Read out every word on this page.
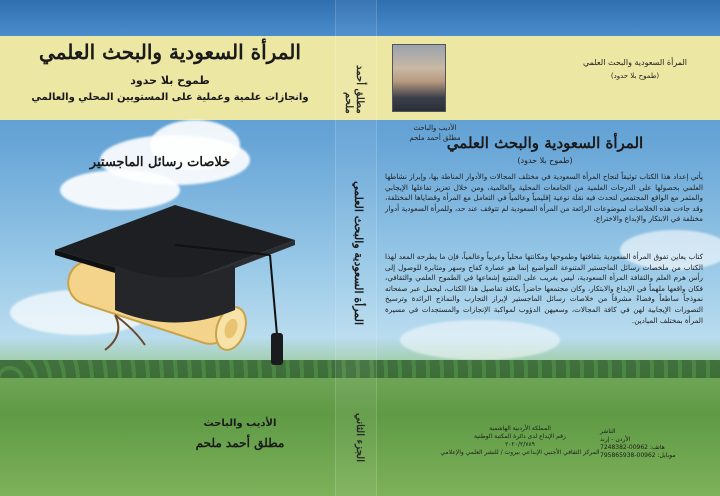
مطلق أحمد ملحم
المرأة السعودية والبحث العلمي
الجزء الثاني
المرأة السعودية والبحث العلمي
طموح بلا حدود
وانجازات علمية وعملية على المستويين المحلي والعالمي
خلاصات رسائل الماجستير
الأديب والباحث
مطلق أحمد ملحم
المرأة السعودية والبحث العلمي
(طموح بلا حدود)
الأديب والباحث
مطلق أحمد ملحم
المرأة السعودية والبحث العلمي
(طموح بلا حدود)
يأتي إعداد هذا الكتاب توثيقاً لنجاح المرأة السعودية في مختلف المجالات والأدوار المناطة بها، وإبراز نشاطها العلمي بحصولها على الدرجات العلمية من الجامعات المحلية والعالمية، ومن خلال تعزيز تفاعلها الإيجابي والمثمر مع الواقع المجتمعي لتحدث فيه نقلة نوعية إقليمياً وعالمياً في التعامل مع المرأة وقضاياها المختلفة، وقد جاءت هذه الخلاصات لموضوعات الرائعة من المرأة السعودية لم تتوقف عند حد، وللمرأة السعودية أدوار مختلفة في الابتكار والإبداع والاختراع.
كتاب يعاين تفوق المرأة السعودية بثقافتها وطموحها ومكانتها محلياً وعربياً وعالمياً، فإن ما يطرحه المعد لهذا الكتاب من ملخصات رسائل الماجستير المتنوعة المواضيع إنما هو عصارة كفاح وسهر ومثابرة للوصول إلى رأس هرم العلم والثقافة المرأة السعودية، ليس بغريب على المتتبع إشعاعها في الطموح العلمي والثقافي، فكان واقعها ملهماً في الإبداع والابتكار، وكان مجتمعها حاضراً بكافة تفاصيل هذا الكتاب، ليحمل عبر صفحاته نموذجاً ساطعاً وفضاءً مشرقاً من خلاصات رسائل الماجستير لإبراز التجارب والنماذج الرائدة وترسيخ التصورات الإيجابية لهن في كافة المجالات، وسعيهن الدؤوب لمواكبة الإنجازات والمستجدات في مسيرة المرأة بمختلف الميادين.
المملكة الأردنية الهاشمية
رقم الإيداع لدى دائرة المكتبة الوطنية
٢٠٢٠/٢/٧٨٩
المركز الثقافي الأجنبي الإبداعي بيروت / للنشر العلمي والإعلامي
الناشر
الأردن - إربد
هاتف: 00962-7248382
موبايل: 00962-795865938
